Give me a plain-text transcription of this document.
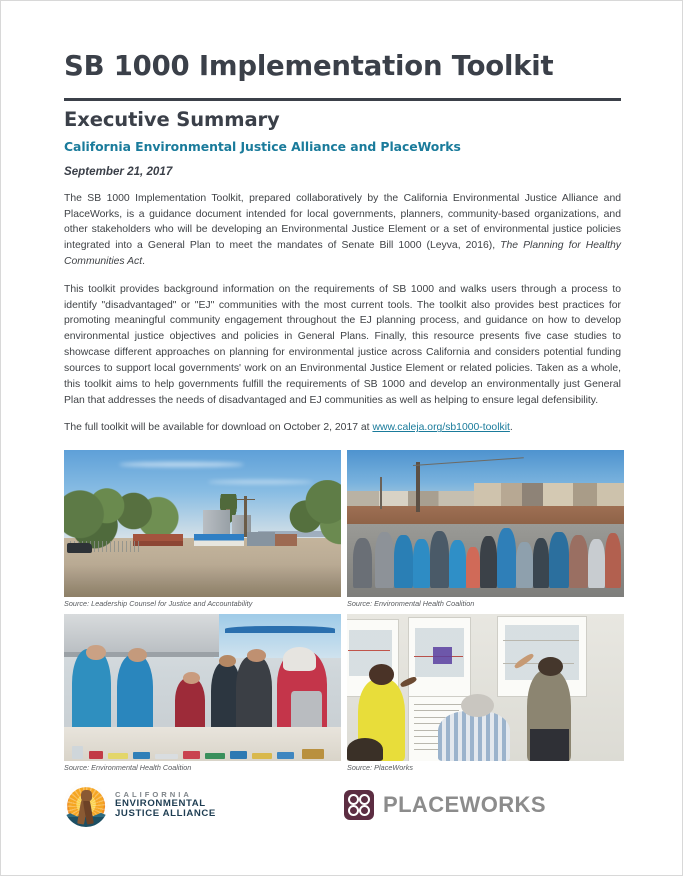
SB 1000 Implementation Toolkit
Executive Summary
California Environmental Justice Alliance and PlaceWorks
September 21, 2017

The SB 1000 Implementation Toolkit, prepared collaboratively by the California Environmental Justice Alliance and PlaceWorks, is a guidance document intended for local governments, planners, community-based organizations, and other stakeholders who will be developing an Environmental Justice Element or a set of environmental justice policies integrated into a General Plan to meet the mandates of Senate Bill 1000 (Leyva, 2016), The Planning for Healthy Communities Act.

This toolkit provides background information on the requirements of SB 1000 and walks users through a process to identify "disadvantaged" or "EJ" communities with the most current tools. The toolkit also provides best practices for promoting meaningful community engagement throughout the EJ planning process, and guidance on how to develop environmental justice objectives and policies in General Plans. Finally, this resource presents five case studies to showcase different approaches on planning for environmental justice across California and considers potential funding sources to support local governments' work on an Environmental Justice Element or related policies. Taken as a whole, this toolkit aims to help governments fulfill the requirements of SB 1000 and develop an environmentally just General Plan that addresses the needs of disadvantaged and EJ communities as well as helping to ensure legal defensibility.

The full toolkit will be available for download on October 2, 2017 at www.caleja.org/sb1000-toolkit.

Source: Leadership Counsel for Justice and Accountability	Source: Environmental Health Coalition
Source: Environmental Health Coalition	Source: PlaceWorks
CALIFORNIA
ENVIRONMENTAL
JUSTICE ALLIANCE	PLACEWORKS
